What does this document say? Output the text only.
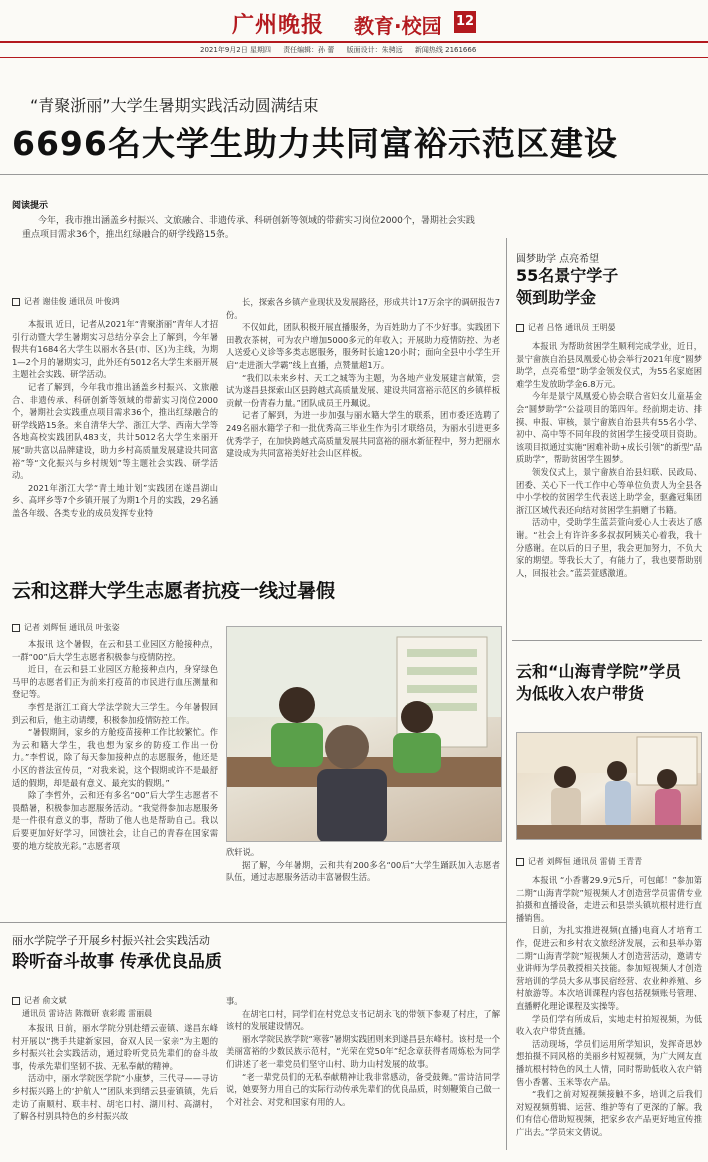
广州晚报 教育·校园 12
2021年9月2日 星期四 责任编辑：孙 蕾 版面设计：朱骋远 新闻热线 2161666
“青聚浙丽”大学生暑期实践活动圆满结束
6696名大学生助力共同富裕示范区建设
阅读提示
今年，我市推出涵盖乡村振兴、文旅融合、非遗传承、科研创新等领域的带薪实习岗位2000个，暑期社会实践重点项目需求36个，推出红绿融合的研学线路15条。
记者 谢佳俊 通讯员 叶俊鸿

本报讯 近日，记者从2021年“青聚浙丽”青年人才招引行动暨大学生暑期实习总结分享会上了解到，今年暑假共有1684名大学生以丽水各县(市、区)为主线，为期1—2个月的暑期实习，此外还有5012名大学生来丽开展主题社会实践、研学活动。

记者了解到，今年我市推出涵盖乡村振兴、文旅融合、非遗传承、科研创新等领域的带薪实习岗位2000个，暑期社会实践重点项目需求36个，推出红绿融合的研学线路15条。来自清华大学、浙江大学、西南大学等各地高校实践团队483支，共计5012名大学生来丽开展“助共富以品牌建设，助力乡村高质量发展建设共同富裕”等“文化振兴与乡村规划”等主题社会实践、研学活动。

2021年浙江大学“青土地计划”实践团在遂昌湖山乡、高坪乡等7个乡镇开展了为期1个月的实践，29名涵盖各年级、各类专业的成员发挥专业特

长，探索各乡镇产业现状及发展路径，形成共计17万余字的调研报告7份。

不仅如此，团队积极开展直播服务，为百姓助力了不少好事。实践团下田教农茶树，可为农户增加5000多元的年收入；开展助力疫情防控、为老人送爱心义诊等多类志愿服务，服务时长逾120小时；面向全县中小学生开启“走进浙大学霸”线上直播，点赞量超1万。

“我们以未来乡村、天工之城等为主题，为各地产业发展建言献策，尝试为遂昌县探索山区县跨越式高质量发展、建设共同富裕示范区的乡镇样板贡献一份青春力量。”团队成员王丹珮说。

记者了解到，为进一步加强与丽水籍大学生的联系，团市委还选聘了249名丽水籍学子和一批优秀高三毕业生作为引才联络员，为丽水引进更多优秀学子，在加快跨越式高质量发展共同富裕的丽水新征程中，努力把丽水建设成为共同富裕美好社会山区样板。

云和这群大学生志愿者抗疫一线过暑假
记者 刘辉恒 通讯员 叶张姿

本报讯 这个暑假，在云和县工业园区方舱接种点，一群“00”后大学生志愿者积极参与疫情防控。

近日，在云和县工业园区方舱接种点内，身穿绿色马甲的志愿者们正为前来打疫苗的市民进行血压测量和登记等。

李哲是浙江工商大学法学院大三学生。今年暑假回到云和后，他主动请缨，积极参加疫情防控工作。

“暑假期间，家乡的方舱疫苗接种工作比较繁忙。作为云和籍大学生，我也想为家乡的防疫工作出一份力。”李哲说，除了每天参加接种点的志愿服务，他还是小区的普法宣传员，“对我来说，这个假期或许不是最舒适的假期，却是最有意义、最充实的假期。”

除了李哲外，云和还有多名“00”后大学生志愿者不畏酷暑，积极参加志愿服务活动。“我觉得参加志愿服务是一件很有意义的事，帮助了他人也是帮助自己。我以后要更加好好学习，回馈社会，让自己的青春在国家需要的地方绽放光彩。”志愿者项

欣轩说。

据了解，今年暑期，云和共有200多名“00后”大学生踊跃加入志愿者队伍，通过志愿服务活动丰富暑假生活。

丽水学院学子开展乡村振兴社会实践活动
聆听奋斗故事 传承优良品质
记者 俞文斌
通讯员 雷诗洁 陈微研 袁彩霞 雷丽晨

本报讯 日前，丽水学院分别赴缙云壶镇、遂昌东峰村开展以“携手共建新家园，奋双人民一家亲”为主题的乡村振兴社会实践活动，通过聆听党员先辈们的奋斗故事，传承先辈们坚韧不拔、无私奉献的精神。

活动中，丽水学院医学院“小康梦，三代寻——寻访乡村振兴路上的‘护航人’”团队来到缙云县壶镇镇，先后走访了南顺村、联丰村、胡宅口村、湖川村、高湖村，了解各村别具特色的乡村振兴故

事。

在胡宅口村，同学们在村党总支书记胡永飞的带领下参观了村庄，了解该村的发展建设情况。

丽水学院民族学院“寒蓉”暑期实践团则来到遂昌县东峰村。该村是一个美丽富裕的少数民族示范村，“光荣在党50年”纪念章获得者周炼松为同学们讲述了老一辈党员们坚守山村、助力山村发展的故事。

“老一辈党员们的无私奉献精神让我非常感动，备受鼓舞。”雷诗洁同学说，她要努力用自己的实际行动传承先辈们的优良品质，时刻鞭策自己做一个对社会、对党和国家有用的人。

圆梦助学 点亮希望
55名景宁学子
领到助学金
记者 吕恪 通讯员 王明晏

本报讯 为帮助贫困学生顺利完成学业，近日，景宁畲族自治县凤凰爱心协会举行2021年度“圆梦助学，点亮希望”助学金领发仪式，为55名家庭困难学生发放助学金6.8万元。

今年是景宁凤凰爱心协会联合省妇女儿童基金会“圆梦助学”公益项目的第四年。经前期走访、排摸、申报、审核，景宁畲族自治县共有55名小学、初中、高中等不同年段的贫困学生接受项目资助。该项目拟通过实施“困难补助+成长引领”的新型“品质助学”，帮助贫困学生圆梦。

领发仪式上，景宁畲族自治县妇联、民政局、团委、关心下一代工作中心等单位负责人为全县各中小学校的贫困学生代表送上助学金，驱鑫冠集团浙江区域代表还向结对贫困学生捐赠了书籍。

活动中，受助学生蓝芸萱向爱心人士表达了感谢。“社会上有许许多多叔叔阿姨关心着我，我十分感谢。在以后的日子里，我会更加努力，不负大家的期望。等我长大了，有能力了，我也要帮助别人，回报社会。”蓝芸萱感激道。

云和“山海青学院”学员
为低收入农户带货
记者 刘辉恒 通讯员 雷倩 王青青

本报讯 “小香薯29.9元5斤，可包邮！”参加第二期“山海青学院”短视频人才创造营学员雷倩专业拍摄和直播设备，走进云和县崇头镇坑根村进行直播销售。

日前，为扎实推进视频(直播)电商人才培育工作，促进云和乡村农文旅经济发展，云和县举办第二期“山海青学院”短视频人才创造营活动，邀请专业讲师为学员教授相关技能。参加短视频人才创造营培训的学员大多从事民宿经营、农业种养殖、乡村旅游等。本次培训课程内容包括视频账号管理、直播孵化理论课程及实操等。

学员们学有所成后，实地走村拍短视频，为低收入农户带货直播。

活动现场，学员们运用所学知识，发挥奇思妙想拍摄不同风格的美丽乡村短视频，为广大网友直播坑根村特色的风土人情，同时帮助低收入农户销售小香薯、玉米等农产品。

“我们之前对短视频接触不多，培训之后我们对短视频剪辑、运营、维护等有了更深的了解。我们有信心借助短视频，把家乡农产品更好地宣传推广出去。”学员宋文倩说。
